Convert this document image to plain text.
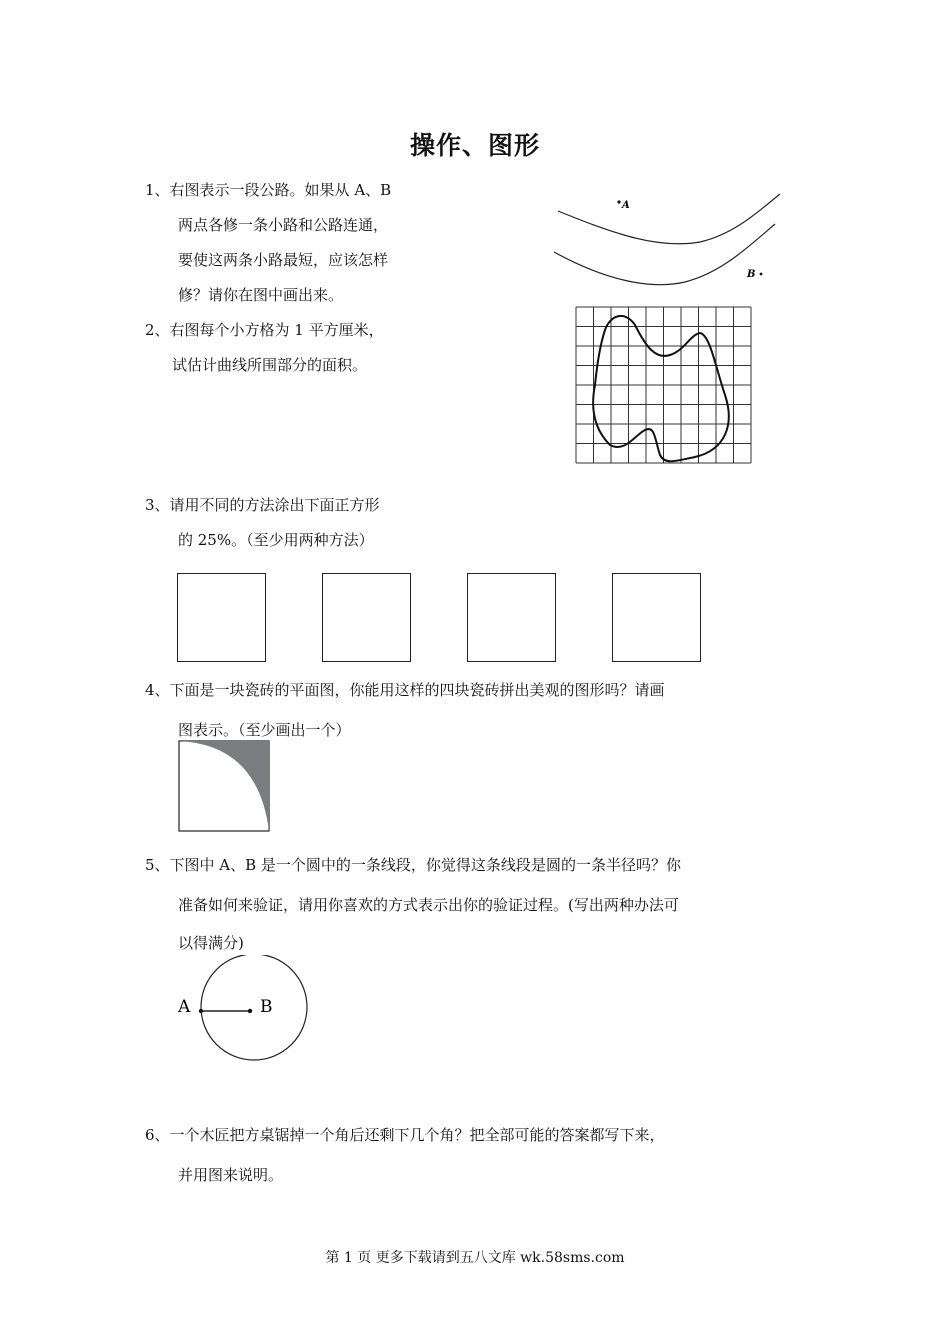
操作、图形
1、右图表示一段公路。如果从 A、B
两点各修一条小路和公路连通，
要使这两条小路最短，应该怎样
修？请你在图中画出来。
A
B
2、右图每个小方格为 1 平方厘米，
试估计曲线所围部分的面积。
3、请用不同的方法涂出下面正方形
的 25%。（至少用两种方法）
4、下面是一块瓷砖的平面图，你能用这样的四块瓷砖拼出美观的图形吗？请画
图表示。（至少画出一个）
5、下图中 A、B 是一个圆中的一条线段，你觉得这条线段是圆的一条半径吗？你
准备如何来验证，请用你喜欢的方式表示出你的验证过程。(写出两种办法可
以得满分)
A	B
6、一个木匠把方桌锯掉一个角后还剩下几个角？把全部可能的答案都写下来，
并用图来说明。
第 1 页 更多下载请到五八文库 wk.58sms.com
